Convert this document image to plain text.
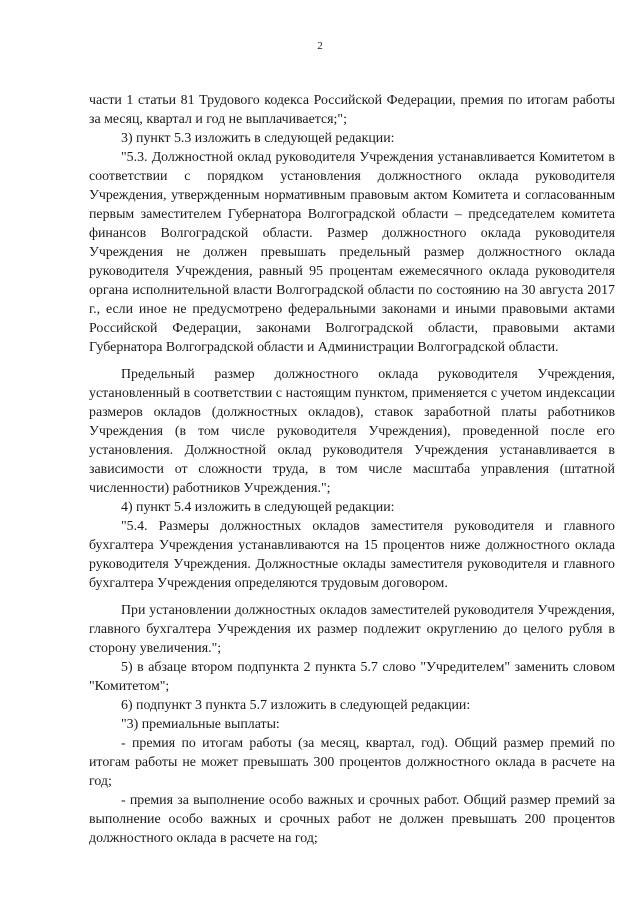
2

части 1 статьи 81 Трудового кодекса Российской Федерации, премия по итогам работы за месяц, квартал и год не выплачивается;";

3) пункт 5.3 изложить в следующей редакции:

"5.3. Должностной оклад руководителя Учреждения устанавливается Комитетом в соответствии с порядком установления должностного оклада руководителя Учреждения, утвержденным нормативным правовым актом Комитета и согласованным первым заместителем Губернатора Волгоградской области – председателем комитета финансов Волгоградской области. Размер должностного оклада руководителя Учреждения не должен превышать предельный размер должностного оклада руководителя Учреждения, равный 95 процентам ежемесячного оклада руководителя органа исполнительной власти Волгоградской области по состоянию на 30 августа 2017 г., если иное не предусмотрено федеральными законами и иными правовыми актами Российской Федерации, законами Волгоградской области, правовыми актами Губернатора Волгоградской области и Администрации Волгоградской области.

Предельный размер должностного оклада руководителя Учреждения, установленный в соответствии с настоящим пунктом, применяется с учетом индексации размеров окладов (должностных окладов), ставок заработной платы работников Учреждения (в том числе руководителя Учреждения), проведенной после его установления. Должностной оклад руководителя Учреждения устанавливается в зависимости от сложности труда, в том числе масштаба управления (штатной численности) работников Учреждения.";

4) пункт 5.4 изложить в следующей редакции:

"5.4. Размеры должностных окладов заместителя руководителя и главного бухгалтера Учреждения устанавливаются на 15 процентов ниже должностного оклада руководителя Учреждения. Должностные оклады заместителя руководителя и главного бухгалтера Учреждения определяются трудовым договором.

При установлении должностных окладов заместителей руководителя Учреждения, главного бухгалтера Учреждения их размер подлежит округлению до целого рубля в сторону увеличения.";

5) в абзаце втором подпункта 2 пункта 5.7 слово "Учредителем" заменить словом "Комитетом";

6) подпункт 3 пункта 5.7 изложить в следующей редакции:

"3) премиальные выплаты:

- премия по итогам работы (за месяц, квартал, год). Общий размер премий по итогам работы не может превышать 300 процентов должностного оклада в расчете на год;

- премия за выполнение особо важных и срочных работ. Общий размер премий за выполнение особо важных и срочных работ не должен превышать 200 процентов должностного оклада в расчете на год;
